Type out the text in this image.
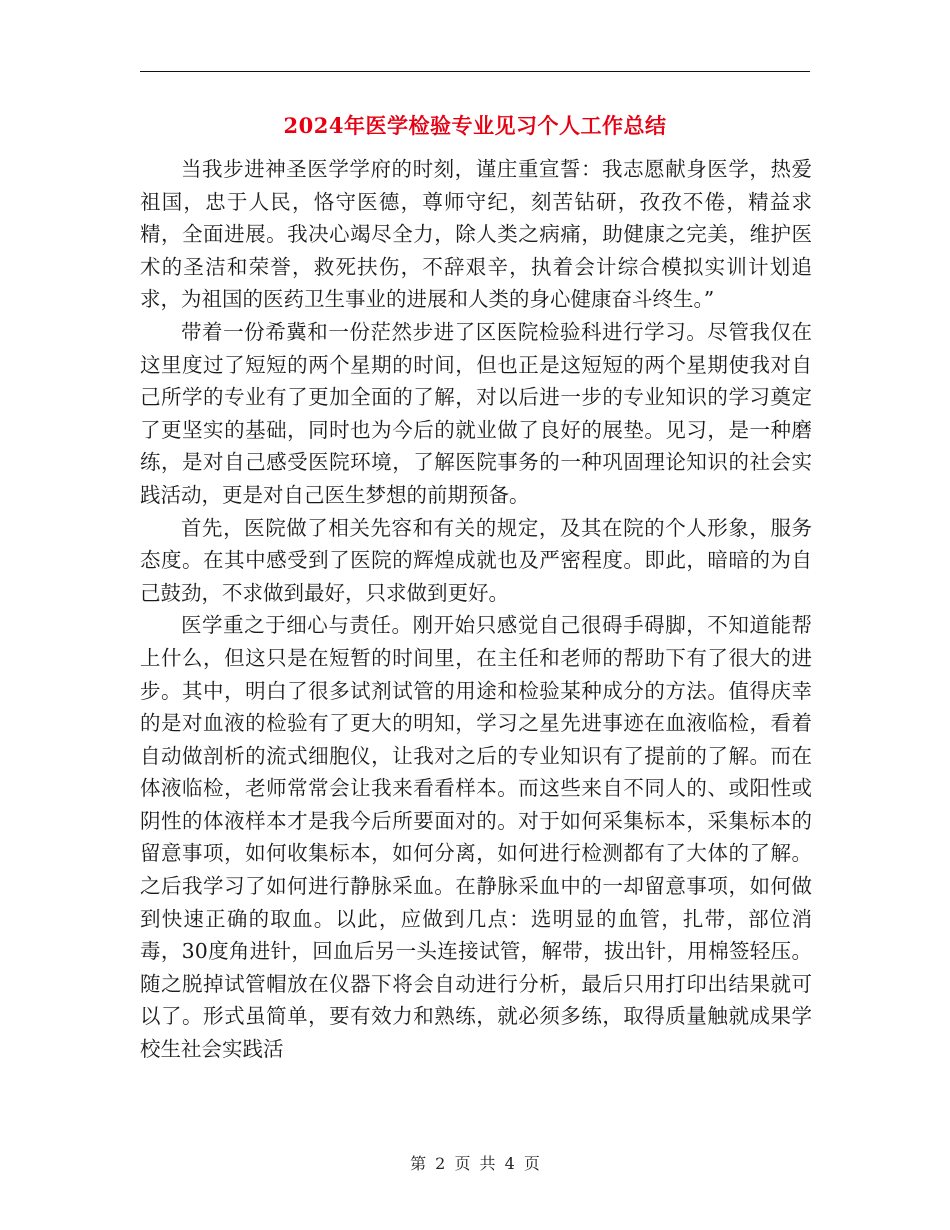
2024年医学检验专业见习个人工作总结

当我步进神圣医学学府的时刻，谨庄重宣誓：我志愿献身医学，热爱祖国，忠于人民，恪守医德，尊师守纪，刻苦钻研，孜孜不倦，精益求精，全面进展。我决心竭尽全力，除人类之病痛，助健康之完美，维护医术的圣洁和荣誉，救死扶伤，不辞艰辛，执着会计综合模拟实训计划追求，为祖国的医药卫生事业的进展和人类的身心健康奋斗终生。”

带着一份希冀和一份茫然步进了区医院检验科进行学习。尽管我仅在这里度过了短短的两个星期的时间，但也正是这短短的两个星期使我对自己所学的专业有了更加全面的了解，对以后进一步的专业知识的学习奠定了更坚实的基础，同时也为今后的就业做了良好的展垫。见习，是一种磨练，是对自己感受医院环境，了解医院事务的一种巩固理论知识的社会实践活动，更是对自己医生梦想的前期预备。

首先，医院做了相关先容和有关的规定，及其在院的个人形象，服务态度。在其中感受到了医院的辉煌成就也及严密程度。即此，暗暗的为自己鼓劲，不求做到最好，只求做到更好。

医学重之于细心与责任。刚开始只感觉自己很碍手碍脚，不知道能帮上什么，但这只是在短暂的时间里，在主任和老师的帮助下有了很大的进步。其中，明白了很多试剂试管的用途和检验某种成分的方法。值得庆幸的是对血液的检验有了更大的明知，学习之星先进事迹在血液临检，看着自动做剖析的流式细胞仪，让我对之后的专业知识有了提前的了解。而在体液临检，老师常常会让我来看看样本。而这些来自不同人的、或阳性或阴性的体液样本才是我今后所要面对的。对于如何采集标本，采集标本的留意事项，如何收集标本，如何分离，如何进行检测都有了大体的了解。之后我学习了如何进行静脉采血。在静脉采血中的一却留意事项，如何做到快速正确的取血。以此，应做到几点：选明显的血管，扎带，部位消毒，30度角进针，回血后另一头连接试管，解带，拔出针，用棉签轻压。随之脱掉试管帽放在仪器下将会自动进行分析，最后只用打印出结果就可以了。形式虽简单，要有效力和熟练，就必须多练，取得质量触就成果学校生社会实践活

第 2 页 共 4 页
